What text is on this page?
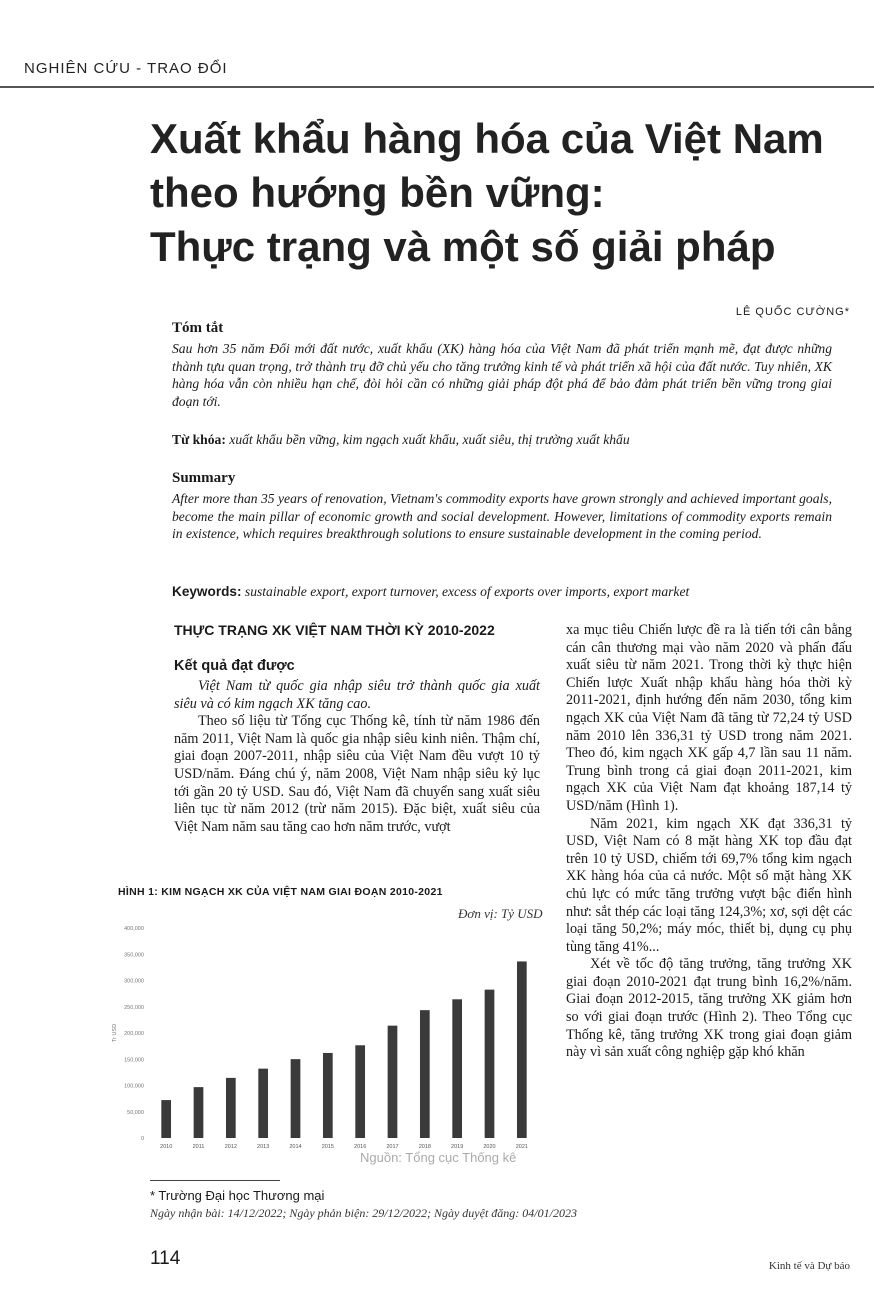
NGHIÊN CỨU - TRAO ĐỔI
Xuất khẩu hàng hóa của Việt Nam
theo hướng bền vững:
Thực trạng và một số giải pháp
LÊ QUỐC CƯỜNG*
Tóm tắt

Sau hơn 35 năm Đổi mới đất nước, xuất khẩu (XK) hàng hóa của Việt Nam đã phát triển mạnh mẽ, đạt được những thành tựu quan trọng, trở thành trụ đỡ chủ yếu cho tăng trưởng kinh tế và phát triển xã hội của đất nước. Tuy nhiên, XK hàng hóa vẫn còn nhiều hạn chế, đòi hỏi cần có những giải pháp đột phá để bảo đảm phát triển bền vững trong giai đoạn tới.

Từ khóa: xuất khẩu bền vững, kim ngạch xuất khẩu, xuất siêu, thị trường xuất khẩu
Summary

After more than 35 years of renovation, Vietnam's commodity exports have grown strongly and achieved important goals, become the main pillar of economic growth and social development. However, limitations of commodity exports remain in existence, which requires breakthrough solutions to ensure sustainable development in the coming period.

Keywords: sustainable export, export turnover, excess of exports over imports, export market
THỰC TRẠNG XK VIỆT NAM THỜI KỲ 2010-2022
Kết quả đạt được

Việt Nam từ quốc gia nhập siêu trở thành quốc gia xuất siêu và có kim ngạch XK tăng cao.

Theo số liệu từ Tổng cục Thống kê, tính từ năm 1986 đến năm 2011, Việt Nam là quốc gia nhập siêu kinh niên. Thậm chí, giai đoạn 2007-2011, nhập siêu của Việt Nam đều vượt 10 tỷ USD/năm. Đáng chú ý, năm 2008, Việt Nam nhập siêu kỷ lục tới gần 20 tỷ USD. Sau đó, Việt Nam đã chuyển sang xuất siêu liên tục từ năm 2012 (trừ năm 2015). Đặc biệt, xuất siêu của Việt Nam năm sau tăng cao hơn năm trước, vượt

xa mục tiêu Chiến lược đề ra là tiến tới cân bằng cán cân thương mại vào năm 2020 và phấn đấu xuất siêu từ năm 2021. Trong thời kỳ thực hiện Chiến lược Xuất nhập khẩu hàng hóa thời kỳ 2011-2021, định hướng đến năm 2030, tổng kim ngạch XK của Việt Nam đã tăng từ 72,24 tỷ USD năm 2010 lên 336,31 tỷ USD trong năm 2021. Theo đó, kim ngạch XK gấp 4,7 lần sau 11 năm. Trung bình trong cả giai đoạn 2011-2021, kim ngạch XK của Việt Nam đạt khoảng 187,14 tỷ USD/năm (Hình 1).

Năm 2021, kim ngạch XK đạt 336,31 tỷ USD, Việt Nam có 8 mặt hàng XK top đầu đạt trên 10 tỷ USD, chiếm tới 69,7% tổng kim ngạch XK hàng hóa của cả nước. Một số mặt hàng XK chủ lực có mức tăng trưởng vượt bậc điển hình như: sắt thép các loại tăng 124,3%; xơ, sợi dệt các loại tăng 50,2%; máy móc, thiết bị, dụng cụ phụ tùng tăng 41%...

Xét về tốc độ tăng trưởng, tăng trưởng XK giai đoạn 2010-2021 đạt trung bình 16,2%/năm. Giai đoạn 2012-2015, tăng trưởng XK giảm hơn so với giai đoạn trước (Hình 2). Theo Tổng cục Thống kê, tăng trưởng XK trong giai đoạn giảm này vì sản xuất công nghiệp gặp khó khăn

HÌNH 1: KIM NGẠCH XK CỦA VIỆT NAM GIAI ĐOẠN 2010-2021
Đơn vị: Tỷ USD
0
50,000
100,000
150,000
200,000
250,000
300,000
350,000
400,000
Tr USD
2010	2011	2012	2013	2014	2015	2016	2017	2018	2019	2020	2021
Nguồn: Tổng cục Thống kê
* Trường Đại học Thương mại
Ngày nhận bài: 14/12/2022; Ngày phản biện: 29/12/2022; Ngày duyệt đăng: 04/01/2023
114	Kinh tế và Dự báo
